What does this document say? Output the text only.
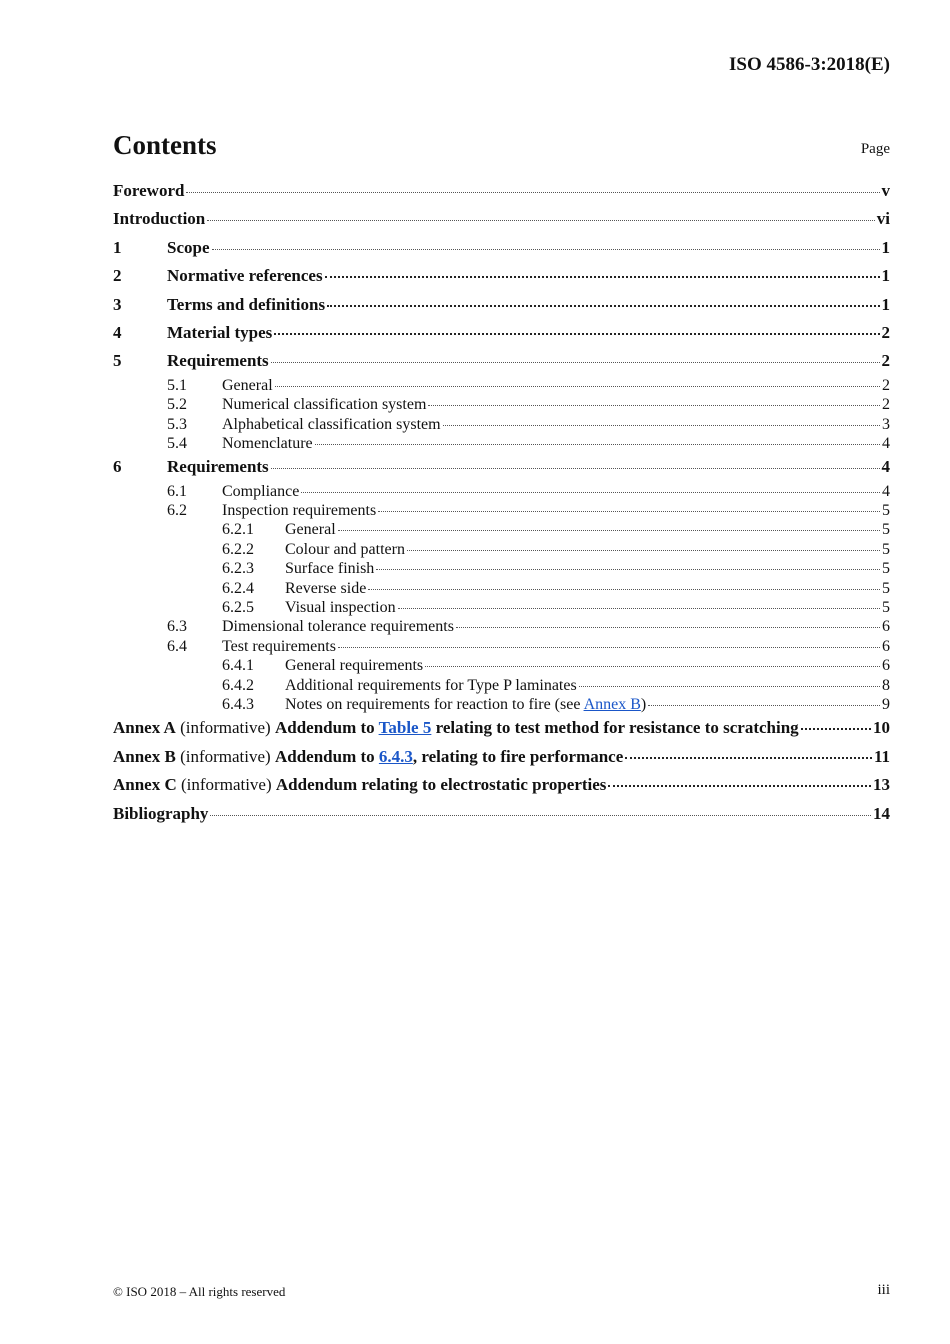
ISO 4586-3:2018(E)
Contents	Page
Foreword	v
Introduction	vi
1	Scope	1
2	Normative references	1
3	Terms and definitions	1
4	Material types	2
5	Requirements	2
5.1	General	2
5.2	Numerical classification system	2
5.3	Alphabetical classification system	3
5.4	Nomenclature	4
6	Requirements	4
6.1	Compliance	4
6.2	Inspection requirements	5
6.2.1	General	5
6.2.2	Colour and pattern	5
6.2.3	Surface finish	5
6.2.4	Reverse side	5
6.2.5	Visual inspection	5
6.3	Dimensional tolerance requirements	6
6.4	Test requirements	6
6.4.1	General requirements	6
6.4.2	Additional requirements for Type P laminates	8
6.4.3	Notes on requirements for reaction to fire (see Annex B)	9
Annex A (informative) Addendum to Table 5 relating to test method for resistance to scratching	10
Annex B (informative) Addendum to 6.4.3, relating to fire performance	11
Annex C (informative) Addendum relating to electrostatic properties	13
Bibliography	14
© ISO 2018 – All rights reserved	iii
